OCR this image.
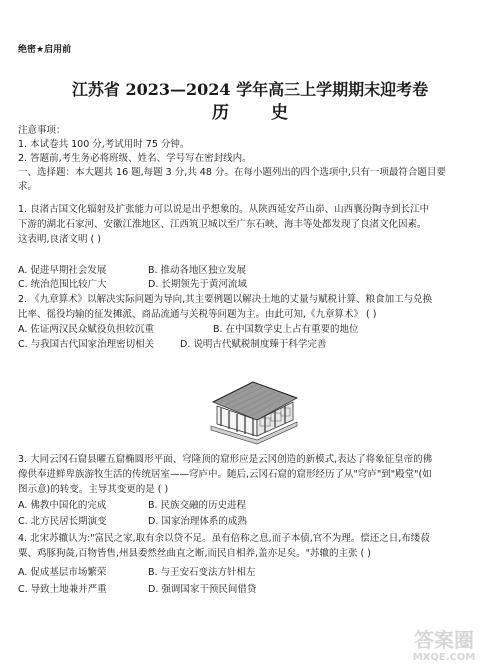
绝密★启用前
江苏省 2023—2024 学年高三上学期期末迎考卷
历 史
注意事项：
1. 本试卷共 100 分,考试用时 75 分钟。
2. 答题前,考生务必将班级、姓名、学号写在密封线内。
一、选择题：本大题共 16 题,每题 3 分,共 48 分。在每小题列出的四个选项中,只有一项最符合题目要
求。
1. 良渚古国文化辐射及扩张能力可以说是出乎想象的。从陕西延安芦山峁、山西襄汾陶寺到长江中
下游的湖北石家河、安徽江淮地区、江西筑卫城以至广东石峡、海丰等处都发现了良渚文化因素。
这表明,良渚文明 ( )
A. 促进早期社会发展	B. 推动各地区独立发展
C. 统治范围比较广大	D. 长期领先于黄河流域
2. 《九章算术》以解决实际问题为导向,其主要例题以解决土地的丈量与赋税计算、粮食加工与兑换
比率、徭役均输的征发摊派、商品流通与关税等问题为主。由此可知,《九章算术》 ( )
A. 佐证两汉民众赋役负担较沉重	B. 在中国数学史上占有重要的地位
C. 与我国古代国家治理密切相关	D. 说明古代赋税制度臻于科学完善
3. 大同云冈石窟县曜五窟椭圆形平面、穹隆顶的窟形应是云冈创造的新模式,表达了将象征皇帝的佛
像供奉进鲜卑族游牧生活的传统居室——穹庐中。随后,云冈石窟的窟形经历了从"穹庐"到"殿堂"(如
图示意)的转变。主导其变更的是 ( )
A. 佛教中国化的完成	B. 民族交融的历史进程
C. 北方民居长期演变	D. 国家治理体系的成熟
4. 北宋苏辙认为:"富民之家,取有余以贷不足。虽有倍称之息,而子本债,官不为理。偿还之日,布缕菽
粟、鸡豚狗彘,百物皆售,州县委然丝曲直之断,而民自相养,盖亦足矣。"苏辙的主张 ( )
A. 促成基层市场繁荣	B. 与王安石变法方针相左
C. 导致土地兼并严重	D. 强调国家干预民间借贷
答案圈
MXQE.COM
